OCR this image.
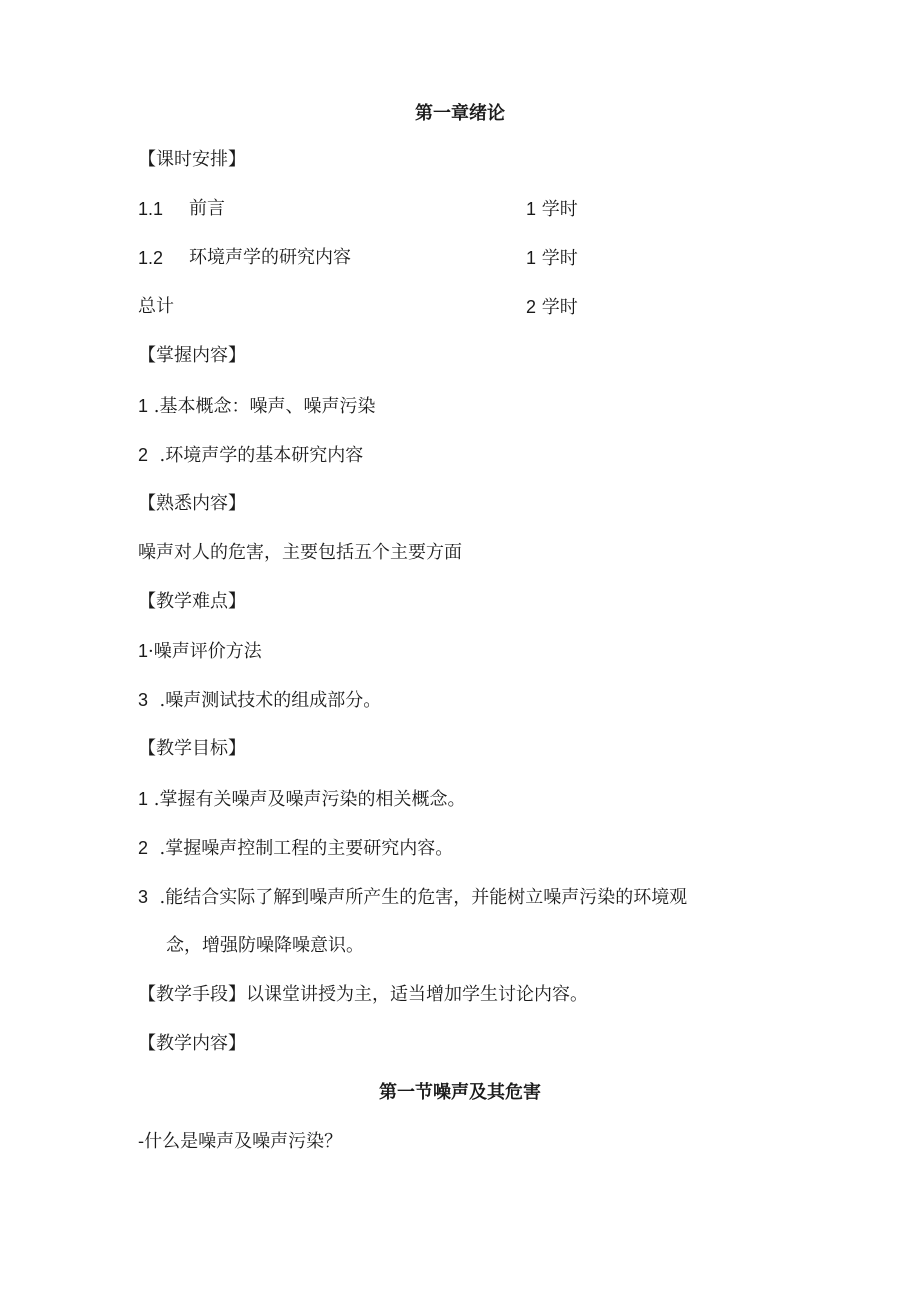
第一章绪论
【课时安排】
1.1 前言	1 学时
1.2 环境声学的研究内容	1 学时
总计	2 学时
【掌握内容】
1 .基本概念：噪声、噪声污染
2 .环境声学的基本研究内容
【熟悉内容】
噪声对人的危害，主要包括五个主要方面
【教学难点】
1·噪声评价方法
3 .噪声测试技术的组成部分。
【教学目标】
1 .掌握有关噪声及噪声污染的相关概念。
2 .掌握噪声控制工程的主要研究内容。
3 .能结合实际了解到噪声所产生的危害，并能树立噪声污染的环境观
念，增强防噪降噪意识。
【教学手段】以课堂讲授为主，适当增加学生讨论内容。
【教学内容】
第一节噪声及其危害
-什么是噪声及噪声污染？
